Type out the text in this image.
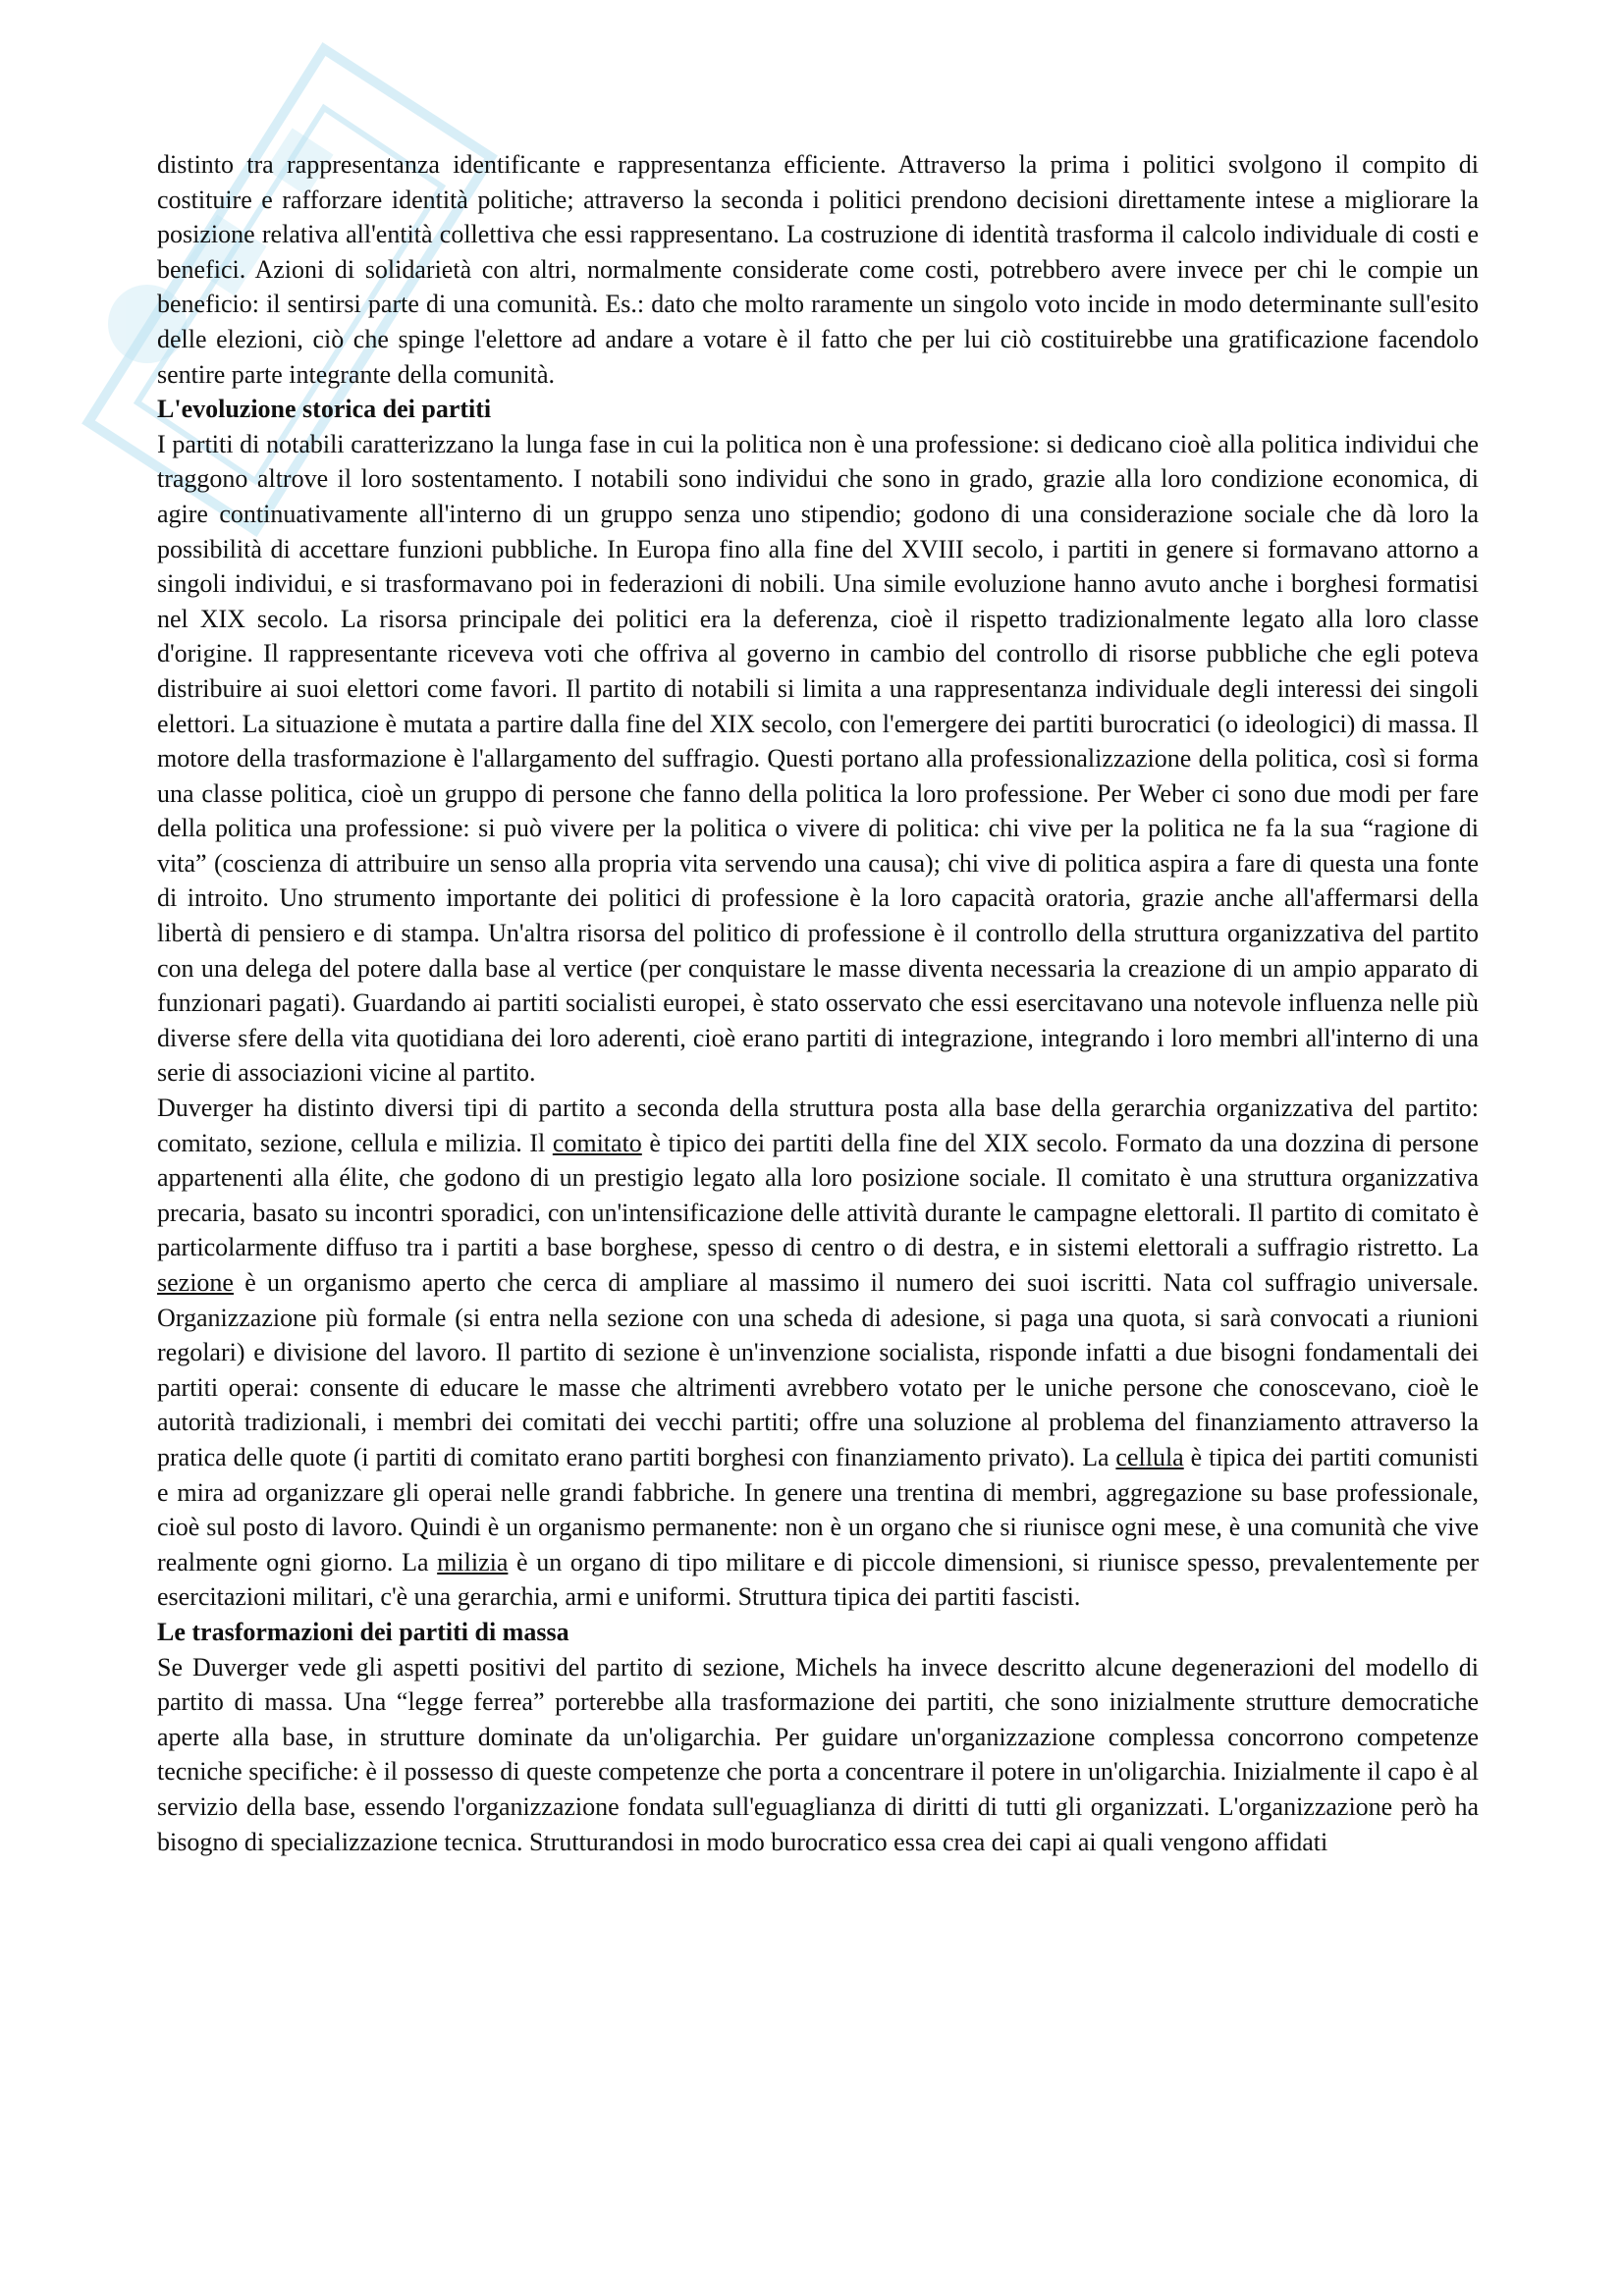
distinto tra rappresentanza identificante e rappresentanza efficiente. Attraverso la prima i politici svolgono il compito di costituire e rafforzare identità politiche; attraverso la seconda i politici prendono decisioni direttamente intese a migliorare la posizione relativa all'entità collettiva che essi rappresentano. La costruzione di identità trasforma il calcolo individuale di costi e benefici. Azioni di solidarietà con altri, normalmente considerate come costi, potrebbero avere invece per chi le compie un beneficio: il sentirsi parte di una comunità. Es.: dato che molto raramente un singolo voto incide in modo determinante sull'esito delle elezioni, ciò che spinge l'elettore ad andare a votare è il fatto che per lui ciò costituirebbe una gratificazione facendolo sentire parte integrante della comunità.

L'evoluzione storica dei partiti

I partiti di notabili caratterizzano la lunga fase in cui la politica non è una professione: si dedicano cioè alla politica individui che traggono altrove il loro sostentamento. I notabili sono individui che sono in grado, grazie alla loro condizione economica, di agire continuativamente all'interno di un gruppo senza uno stipendio; godono di una considerazione sociale che dà loro la possibilità di accettare funzioni pubbliche. In Europa fino alla fine del XVIII secolo, i partiti in genere si formavano attorno a singoli individui, e si trasformavano poi in federazioni di nobili. Una simile evoluzione hanno avuto anche i borghesi formatisi nel XIX secolo. La risorsa principale dei politici era la deferenza, cioè il rispetto tradizionalmente legato alla loro classe d'origine. Il rappresentante riceveva voti che offriva al governo in cambio del controllo di risorse pubbliche che egli poteva distribuire ai suoi elettori come favori. Il partito di notabili si limita a una rappresentanza individuale degli interessi dei singoli elettori. La situazione è mutata a partire dalla fine del XIX secolo, con l'emergere dei partiti burocratici (o ideologici) di massa. Il motore della trasformazione è l'allargamento del suffragio. Questi portano alla professionalizzazione della politica, così si forma una classe politica, cioè un gruppo di persone che fanno della politica la loro professione. Per Weber ci sono due modi per fare della politica una professione: si può vivere per la politica o vivere di politica: chi vive per la politica ne fa la sua “ragione di vita” (coscienza di attribuire un senso alla propria vita servendo una causa); chi vive di politica aspira a fare di questa una fonte di introito. Uno strumento importante dei politici di professione è la loro capacità oratoria, grazie anche all'affermarsi della libertà di pensiero e di stampa. Un'altra risorsa del politico di professione è il controllo della struttura organizzativa del partito con una delega del potere dalla base al vertice (per conquistare le masse diventa necessaria la creazione di un ampio apparato di funzionari pagati). Guardando ai partiti socialisti europei, è stato osservato che essi esercitavano una notevole influenza nelle più diverse sfere della vita quotidiana dei loro aderenti, cioè erano partiti di integrazione, integrando i loro membri all'interno di una serie di associazioni vicine al partito.

Duverger ha distinto diversi tipi di partito a seconda della struttura posta alla base della gerarchia organizzativa del partito: comitato, sezione, cellula e milizia. Il comitato è tipico dei partiti della fine del XIX secolo. Formato da una dozzina di persone appartenenti alla élite, che godono di un prestigio legato alla loro posizione sociale. Il comitato è una struttura organizzativa precaria, basato su incontri sporadici, con un'intensificazione delle attività durante le campagne elettorali. Il partito di comitato è particolarmente diffuso tra i partiti a base borghese, spesso di centro o di destra, e in sistemi elettorali a suffragio ristretto. La sezione è un organismo aperto che cerca di ampliare al massimo il numero dei suoi iscritti. Nata col suffragio universale. Organizzazione più formale (si entra nella sezione con una scheda di adesione, si paga una quota, si sarà convocati a riunioni regolari) e divisione del lavoro. Il partito di sezione è un'invenzione socialista, risponde infatti a due bisogni fondamentali dei partiti operai: consente di educare le masse che altrimenti avrebbero votato per le uniche persone che conoscevano, cioè le autorità tradizionali, i membri dei comitati dei vecchi partiti; offre una soluzione al problema del finanziamento attraverso la pratica delle quote (i partiti di comitato erano partiti borghesi con finanziamento privato). La cellula è tipica dei partiti comunisti e mira ad organizzare gli operai nelle grandi fabbriche. In genere una trentina di membri, aggregazione su base professionale, cioè sul posto di lavoro. Quindi è un organismo permanente: non è un organo che si riunisce ogni mese, è una comunità che vive realmente ogni giorno. La milizia è un organo di tipo militare e di piccole dimensioni, si riunisce spesso, prevalentemente per esercitazioni militari, c'è una gerarchia, armi e uniformi. Struttura tipica dei partiti fascisti.

Le trasformazioni dei partiti di massa

Se Duverger vede gli aspetti positivi del partito di sezione, Michels ha invece descritto alcune degenerazioni del modello di partito di massa. Una “legge ferrea” porterebbe alla trasformazione dei partiti, che sono inizialmente strutture democratiche aperte alla base, in strutture dominate da un'oligarchia. Per guidare un'organizzazione complessa concorrono competenze tecniche specifiche: è il possesso di queste competenze che porta a concentrare il potere in un'oligarchia. Inizialmente il capo è al servizio della base, essendo l'organizzazione fondata sull'eguaglianza di diritti di tutti gli organizzati. L'organizzazione però ha bisogno di specializzazione tecnica. Strutturandosi in modo burocratico essa crea dei capi ai quali vengono affidati
